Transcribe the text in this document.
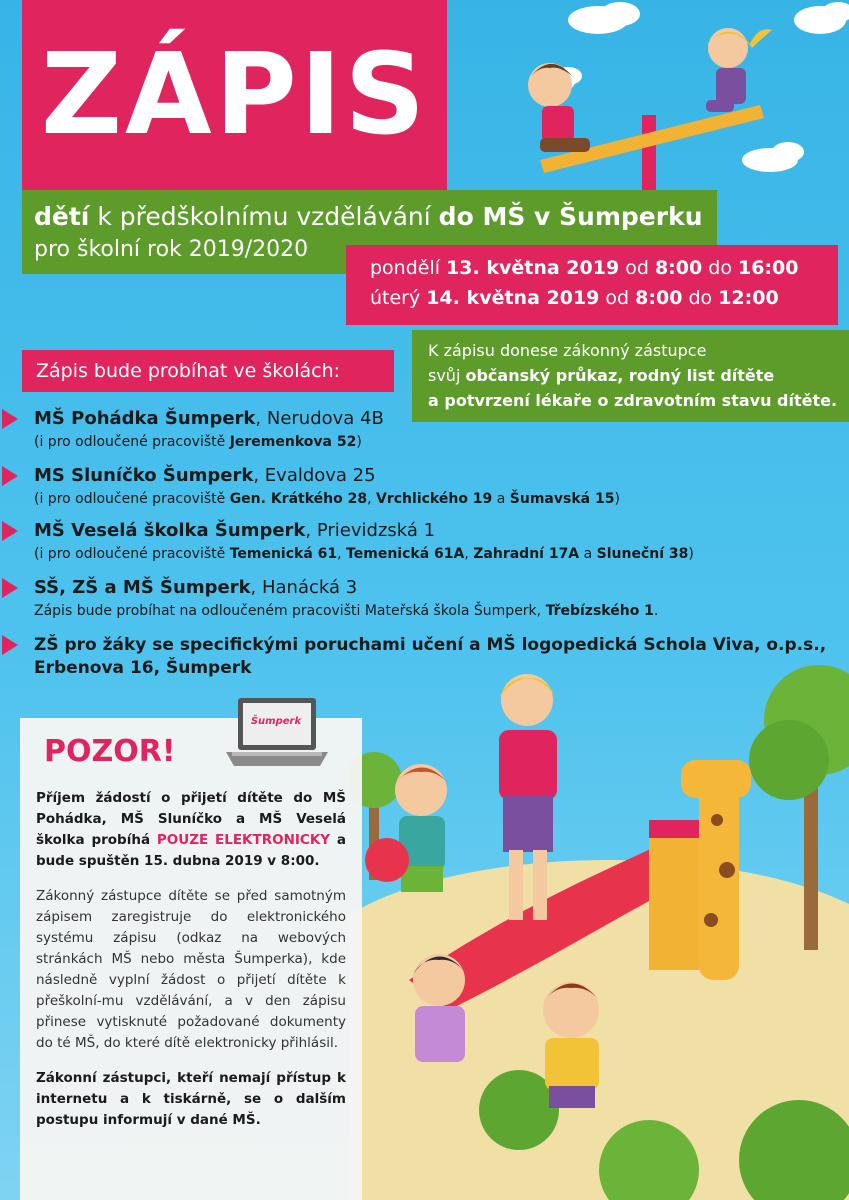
ZÁPIS
dětí k předškolnímu vzdělávání do MŠ v Šumperku
pro školní rok 2019/2020
pondělí 13. května 2019 od 8:00 do 16:00
úterý 14. května 2019 od 8:00 do 12:00
K zápisu donese zákonný zástupce
svůj občanský průkaz, rodný list dítěte
a potvrzení lékaře o zdravotním stavu dítěte.
Zápis bude probíhat ve školách:
MŠ Pohádka Šumperk, Nerudova 4B
(i pro odloučené pracoviště Jeremenkova 52)
MS Sluníčko Šumperk, Evaldova 25
(i pro odloučené pracoviště Gen. Krátkého 28, Vrchlického 19 a Šumavská 15)
MŠ Veselá školka Šumperk, Prievidzská 1
(i pro odloučené pracoviště Temenická 61, Temenická 61A, Zahradní 17A a Sluneční 38)
SŠ, ZŠ a MŠ Šumperk, Hanácká 3
Zápis bude probíhat na odloučeném pracovišti Mateřská škola Šumperk, Třebízského 1.
ZŠ pro žáky se specifickými poruchami učení a MŠ logopedická Schola Viva, o.p.s.,
Erbenova 16, Šumperk
POZOR!

Příjem žádostí o přijetí dítěte do MŠ Pohádka, MŠ Sluníčko a MŠ Veselá školka probíhá POUZE ELEKTRONICKY a bude spuštěn 15. dubna 2019 v 8:00.

Zákonný zástupce dítěte se před samotným zápisem zaregistruje do elektronického systému zápisu (odkaz na webových stránkách MŠ nebo města Šumperka), kde následně vyplní žádost o přijetí dítěte k přeškolní-mu vzdělávání, a v den zápisu přinese vytisknuté požadované dokumenty do té MŠ, do které dítě elektronicky přihlásil.

Zákonní zástupci, kteří nemají přístup k internetu a k tiskárně, se o dalším postupu informují v dané MŠ.

Šumperk
